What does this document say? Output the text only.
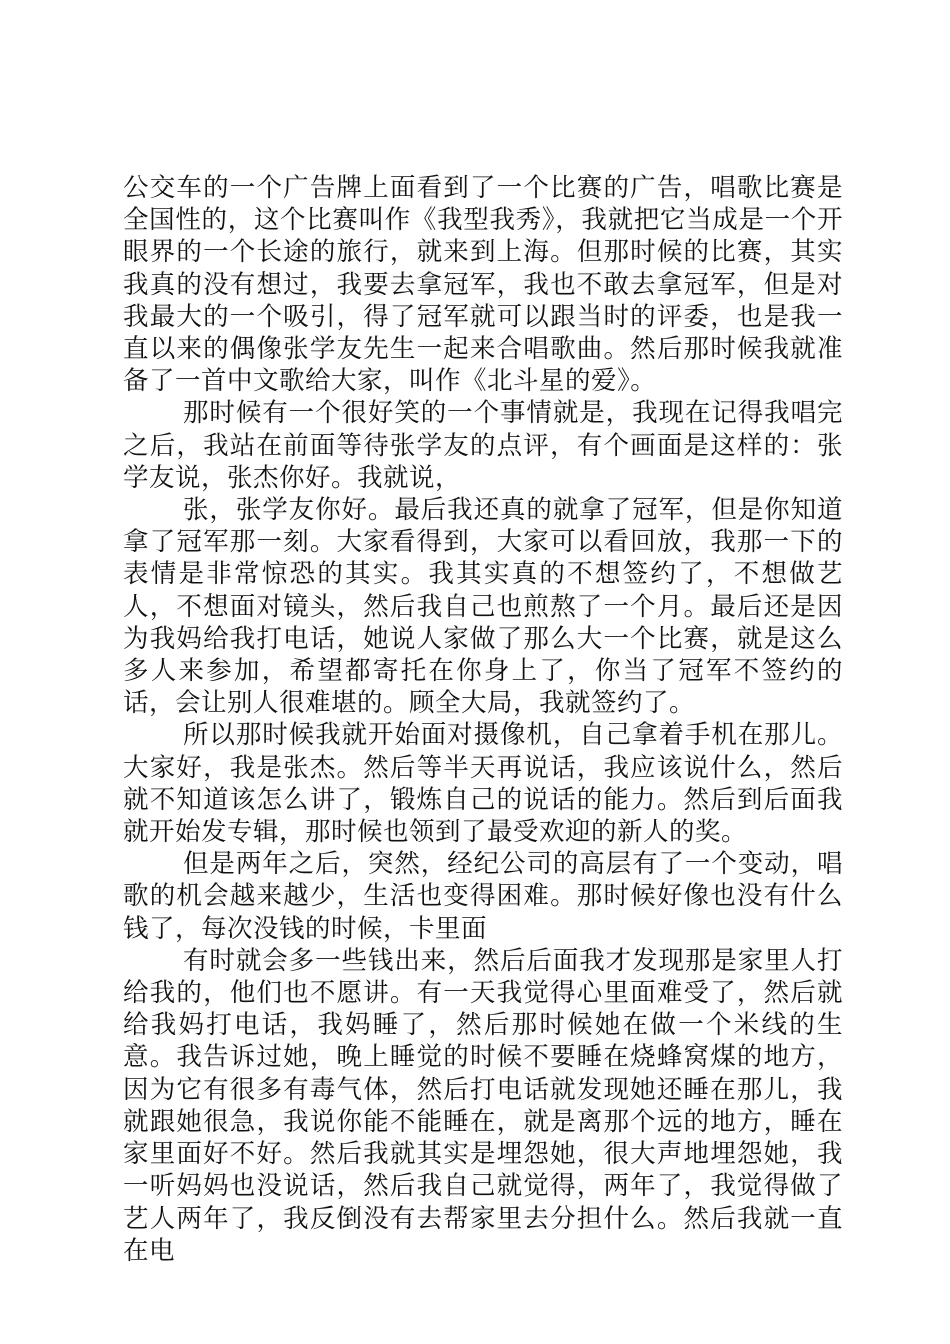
公交车的一个广告牌上面看到了一个比赛的广告，唱歌比赛是全国性的，这个比赛叫作《我型我秀》，我就把它当成是一个开眼界的一个长途的旅行，就来到上海。但那时候的比赛，其实我真的没有想过，我要去拿冠军，我也不敢去拿冠军，但是对我最大的一个吸引，得了冠军就可以跟当时的评委，也是我一直以来的偶像张学友先生一起来合唱歌曲。然后那时候我就准备了一首中文歌给大家，叫作《北斗星的爱》。

那时候有一个很好笑的一个事情就是，我现在记得我唱完之后，我站在前面等待张学友的点评，有个画面是这样的：张学友说，张杰你好。我就说，

张，张学友你好。最后我还真的就拿了冠军，但是你知道拿了冠军那一刻。大家看得到，大家可以看回放，我那一下的表情是非常惊恐的其实。我其实真的不想签约了，不想做艺人，不想面对镜头，然后我自己也煎熬了一个月。最后还是因为我妈给我打电话，她说人家做了那么大一个比赛，就是这么多人来参加，希望都寄托在你身上了，你当了冠军不签约的话，会让别人很难堪的。顾全大局，我就签约了。

所以那时候我就开始面对摄像机，自己拿着手机在那儿。大家好，我是张杰。然后等半天再说话，我应该说什么，然后就不知道该怎么讲了，锻炼自己的说话的能力。然后到后面我就开始发专辑，那时候也领到了最受欢迎的新人的奖。

但是两年之后，突然，经纪公司的高层有了一个变动，唱歌的机会越来越少，生活也变得困难。那时候好像也没有什么钱了，每次没钱的时候，卡里面

有时就会多一些钱出来，然后后面我才发现那是家里人打给我的，他们也不愿讲。有一天我觉得心里面难受了，然后就给我妈打电话，我妈睡了，然后那时候她在做一个米线的生意。我告诉过她，晚上睡觉的时候不要睡在烧蜂窝煤的地方，因为它有很多有毒气体，然后打电话就发现她还睡在那儿，我就跟她很急，我说你能不能睡在，就是离那个远的地方，睡在家里面好不好。然后我就其实是埋怨她，很大声地埋怨她，我一听妈妈也没说话，然后我自己就觉得，两年了，我觉得做了艺人两年了，我反倒没有去帮家里去分担什么。然后我就一直在电
